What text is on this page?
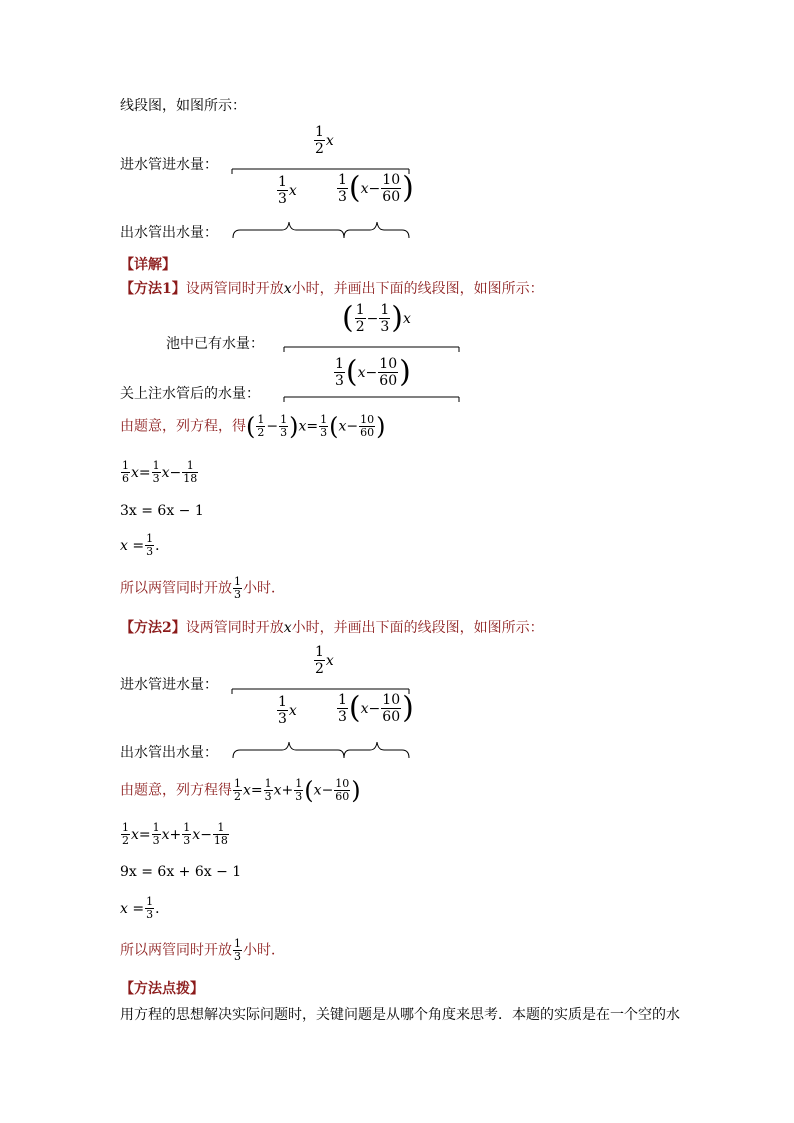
线段图，如图所示：
$\frac{1}{2}$ x
进水管进水量：
$\frac{1}{3}$ x	$\frac{1}{3} (x- \frac{10}{60}$ )
出水管出水量：
【详解】
【方法1】设两管同时开放x小时，并画出下面的线段图，如图所示：
( $\frac{1}{2} - \frac{1}{3} )x$
池中已有水量：
$\frac{1}{3} (x- \frac{10}{60}$ )
关上注水管后的水量：
由题意，列方程，得( $\frac{1}{2} - \frac{1}{3} )x= \frac{1}{3} (x- \frac{10}{60}$ )
$\frac{1}{6} x= \frac{1}{3} x- \frac{1}{18}$
3x = 6x − 1
$x = \frac{1}{3}$ ．
所以两管同时开放 $\frac{1}{3}$ 小时．
【方法2】设两管同时开放x小时，并画出下面的线段图，如图所示：
$\frac{1}{2}$ x
进水管进水量：
$\frac{1}{3}$ x	$\frac{1}{3} (x- \frac{10}{60}$ )
出水管出水量：
由题意，列方程得 $\frac{1}{2} x= \frac{1}{3} x+ \frac{1}{3} (x- \frac{10}{60}$ )
$\frac{1}{2} x= \frac{1}{3} x+ \frac{1}{3} x- \frac{1}{18}$
9x = 6x + 6x − 1
$x = \frac{1}{3}$ ．
所以两管同时开放 $\frac{1}{3}$ 小时．
【方法点拨】
用方程的思想解决实际问题时，关键问题是从哪个角度来思考．本题的实质是在一个空的水
